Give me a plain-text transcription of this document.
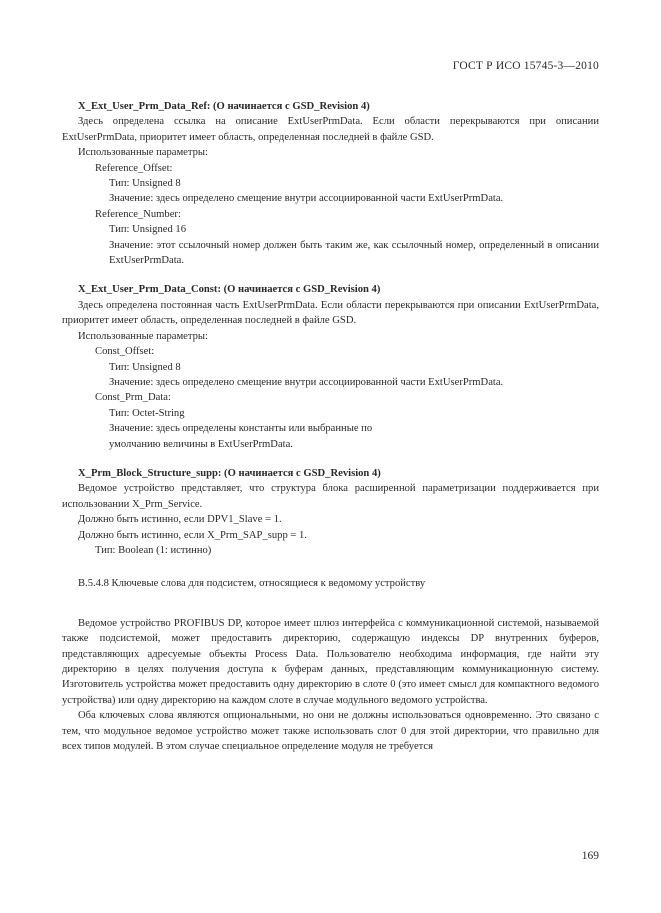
ГОСТ Р ИСО 15745-3—2010
X_Ext_User_Prm_Data_Ref: (О начинается с GSD_Revision 4)

Здесь определена ссылка на описание ExtUserPrmData. Если области перекрываются при описании ExtUserPrmData, приоритет имеет область, определенная последней в файле GSD.

Использованные параметры:
Reference_Offset:
Тип: Unsigned 8
Значение: здесь определено смещение внутри ассоциированной части ExtUserPrmData.
Reference_Number:
Тип: Unsigned 16
Значение: этот ссылочный номер должен быть таким же, как ссылочный номер, определенный в описании ExtUserPrmData.
X_Ext_User_Prm_Data_Const: (О начинается с GSD_Revision 4)

Здесь определена постоянная часть ExtUserPrmData. Если области перекрываются при описании ExtUserPrmData, приоритет имеет область, определенная последней в файле GSD.

Использованные параметры:
Const_Offset:
Тип: Unsigned 8
Значение: здесь определено смещение внутри ассоциированной части ExtUserPrmData.
Const_Prm_Data:
Тип: Octet-String
Значение: здесь определены константы или выбранные по умолчанию величины в ExtUserPrmData.
X_Prm_Block_Structure_supp: (О начинается с GSD_Revision 4)

Ведомое устройство представляет, что структура блока расширенной параметризации поддерживается при использовании X_Prm_Service.

Должно быть истинно, если DPV1_Slave = 1.
Должно быть истинно, если X_Prm_SAP_supp = 1.
Тип: Boolean (1: истинно)
В.5.4.8 Ключевые слова для подсистем, относящиеся к ведомому устройству

Ведомое устройство PROFIBUS DP, которое имеет шлюз интерфейса с коммуникационной системой, называемой также подсистемой, может предоставить директорию, содержащую индексы DP внутренних буферов, представляющих адресуемые объекты Process Data. Пользователю необходима информация, где найти эту директорию в целях получения доступа к буферам данных, представляющим коммуникационную систему. Изготовитель устройства может предоставить одну директорию в слоте 0 (это имеет смысл для компактного ведомого устройства) или одну директорию на каждом слоте в случае модульного ведомого устройства.

Оба ключевых слова являются опциональными, но они не должны использоваться одновременно. Это связано с тем, что модульное ведомое устройство может также использовать слот 0 для этой директории, что правильно для всех типов модулей. В этом случае специальное определение модуля не требуется

169
